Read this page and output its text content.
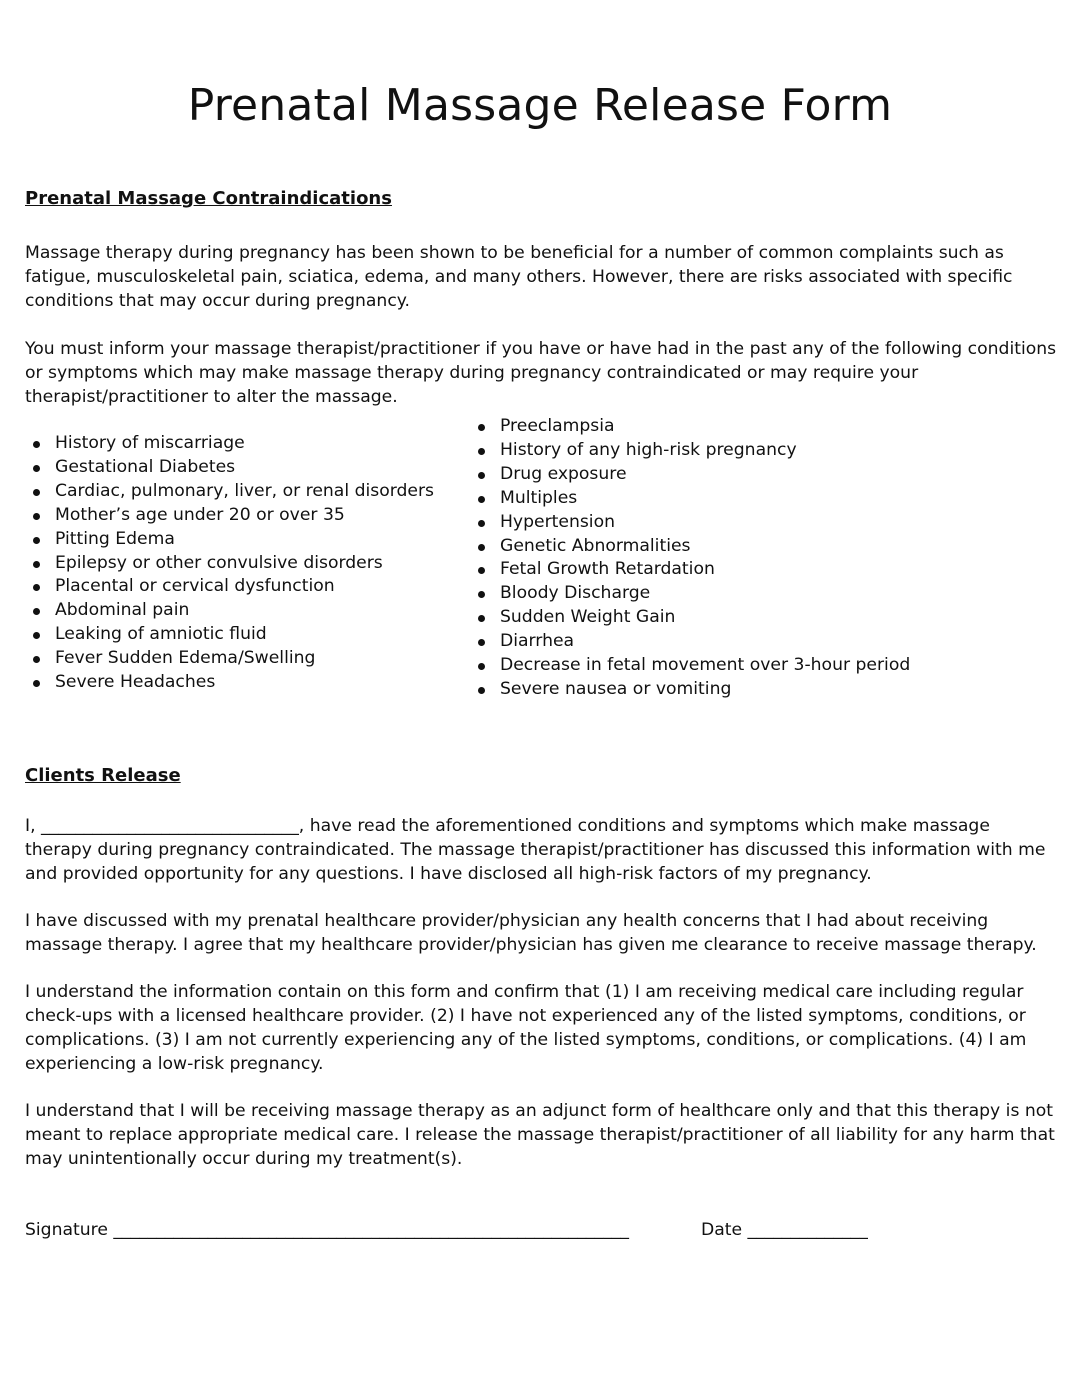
Prenatal Massage Release Form
Prenatal Massage Contraindications

Massage therapy during pregnancy has been shown to be beneficial for a number of common complaints such as fatigue, musculoskeletal pain, sciatica, edema, and many others. However, there are risks associated with specific conditions that may occur during pregnancy.

You must inform your massage therapist/practitioner if you have or have had in the past any of the following conditions or symptoms which may make massage therapy during pregnancy contraindicated or may require your therapist/practitioner to alter the massage.

History of miscarriage
Gestational Diabetes
Cardiac, pulmonary, liver, or renal disorders
Mother’s age under 20 or over 35
Pitting Edema
Epilepsy or other convulsive disorders
Placental or cervical dysfunction
Abdominal pain
Leaking of amniotic fluid
Fever Sudden Edema/Swelling
Severe Headaches
Preeclampsia
History of any high-risk pregnancy
Drug exposure
Multiples
Hypertension
Genetic Abnormalities
Fetal Growth Retardation
Bloody Discharge
Sudden Weight Gain
Diarrhea
Decrease in fetal movement over 3-hour period
Severe nausea or vomiting
Clients Release

I, ______________________________, have read the aforementioned conditions and symptoms which make massage therapy during pregnancy contraindicated. The massage therapist/practitioner has discussed this information with me and provided opportunity for any questions. I have disclosed all high-risk factors of my pregnancy.

I have discussed with my prenatal healthcare provider/physician any health concerns that I had about receiving massage therapy. I agree that my healthcare provider/physician has given me clearance to receive massage therapy.

I understand the information contain on this form and confirm that (1) I am receiving medical care including regular check-ups with a licensed healthcare provider. (2) I have not experienced any of the listed symptoms, conditions, or complications. (3) I am not currently experiencing any of the listed symptoms, conditions, or complications. (4) I am experiencing a low-risk pregnancy.

I understand that I will be receiving massage therapy as an adjunct form of healthcare only and that this therapy is not meant to replace appropriate medical care. I release the massage therapist/practitioner of all liability for any harm that may unintentionally occur during my treatment(s).

Signature ____________________________________________________________	Date ______________
